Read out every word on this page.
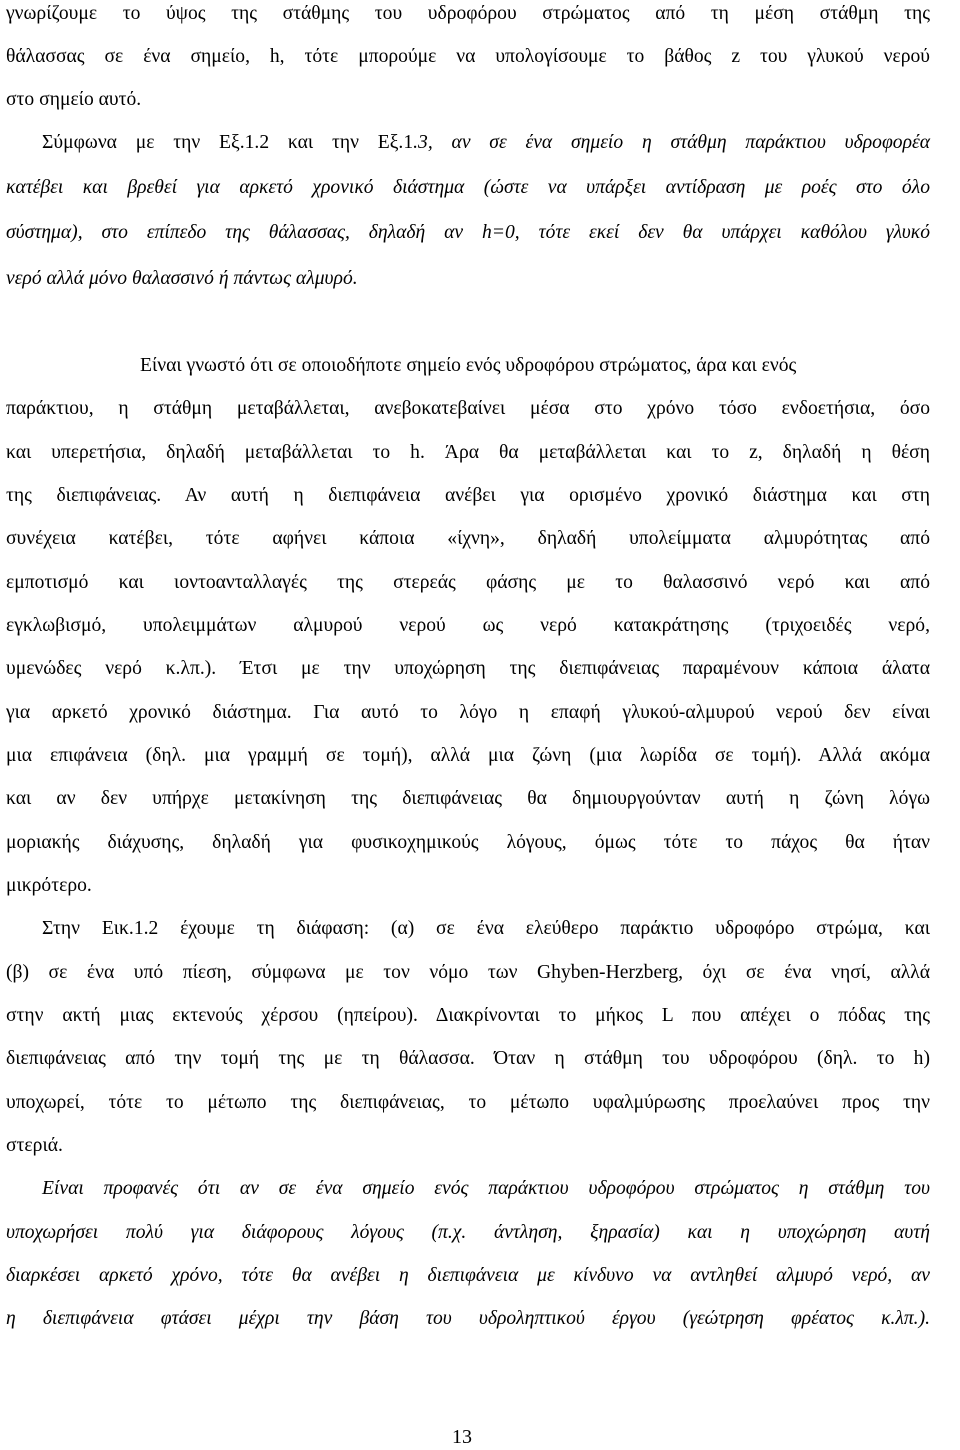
γνωρίζουμε το ύψος της στάθμης του υδροφόρου στρώματος από τη μέση στάθμη της
θάλασσας σε ένα σημείο, h, τότε μπορούμε να υπολογίσουμε το βάθος z του γλυκού νερού
στο σημείο αυτό.
Σύμφωνα με την Εξ.1.2 και την Εξ.1.3, αν σε ένα σημείο η στάθμη παράκτιου υδροφορέα
κατέβει και βρεθεί για αρκετό χρονικό διάστημα (ώστε να υπάρξει αντίδραση με ροές στο όλο
σύστημα), στο επίπεδο της θάλασσας, δηλαδή αν h=0, τότε εκεί δεν θα υπάρχει καθόλου γλυκό
νερό αλλά μόνο θαλασσινό ή πάντως αλμυρό.
Είναι γνωστό ότι σε οποιοδήποτε σημείο ενός υδροφόρου στρώματος, άρα και ενός
παράκτιου, η στάθμη μεταβάλλεται, ανεβοκατεβαίνει μέσα στο χρόνο τόσο ενδοετήσια, όσο
και υπερετήσια, δηλαδή μεταβάλλεται το h. Άρα θα μεταβάλλεται και το z, δηλαδή η θέση
της διεπιφάνειας. Αν αυτή η διεπιφάνεια ανέβει για ορισμένο χρονικό διάστημα και στη
συνέχεια κατέβει, τότε αφήνει κάποια «ίχνη», δηλαδή υπολείμματα αλμυρότητας από
εμποτισμό και ιοντοανταλλαγές της στερεάς φάσης με το θαλασσινό νερό και από
εγκλωβισμό, υπολειμμάτων αλμυρού νερού ως νερό κατακράτησης (τριχοειδές νερό,
υμενώδες νερό κ.λπ.). Έτσι με την υποχώρηση της διεπιφάνειας παραμένουν κάποια άλατα
για αρκετό χρονικό διάστημα. Για αυτό το λόγο η επαφή γλυκού-αλμυρού νερού δεν είναι
μια επιφάνεια (δηλ. μια γραμμή σε τομή), αλλά μια ζώνη (μια λωρίδα σε τομή). Αλλά ακόμα
και αν δεν υπήρχε μετακίνηση της διεπιφάνειας θα δημιουργούνταν αυτή η ζώνη λόγω
μοριακής διάχυσης, δηλαδή για φυσικοχημικούς λόγους, όμως τότε το πάχος θα ήταν
μικρότερο.
Στην Εικ.1.2 έχουμε τη διάφαση: (α) σε ένα ελεύθερο παράκτιο υδροφόρο στρώμα, και
(β) σε ένα υπό πίεση, σύμφωνα με τον νόμο των Ghyben-Herzberg, όχι σε ένα νησί, αλλά
στην ακτή μιας εκτενούς χέρσου (ηπείρου). Διακρίνονται το μήκος L που απέχει ο πόδας της
διεπιφάνειας από την τομή της με τη θάλασσα. Όταν η στάθμη του υδροφόρου (δηλ. το h)
υποχωρεί, τότε το μέτωπο της διεπιφάνειας, το μέτωπο υφαλμύρωσης προελαύνει προς την
στεριά.
Είναι προφανές ότι αν σε ένα σημείο ενός παράκτιου υδροφόρου στρώματος η στάθμη του
υποχωρήσει πολύ για διάφορους λόγους (π.χ. άντληση, ξηρασία) και η υποχώρηση αυτή
διαρκέσει αρκετό χρόνο, τότε θα ανέβει η διεπιφάνεια με κίνδυνο να αντληθεί αλμυρό νερό, αν
η διεπιφάνεια φτάσει μέχρι την βάση του υδροληπτικού έργου (γεώτρηση φρέατος κ.λπ.).
13
